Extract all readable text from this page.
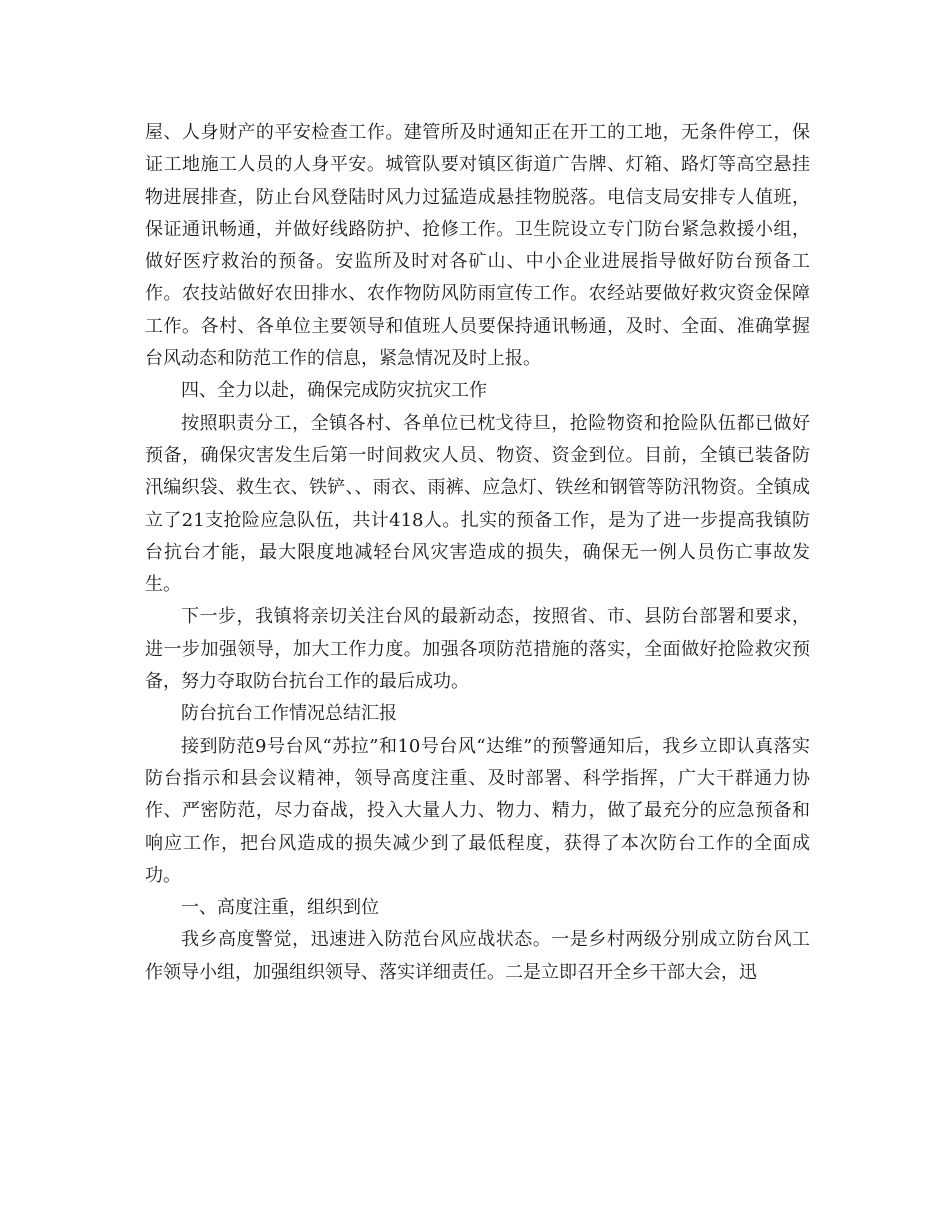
屋、人身财产的平安检查工作。建管所及时通知正在开工的工地，无条件停工，保证工地施工人员的人身平安。城管队要对镇区街道广告牌、灯箱、路灯等高空悬挂物进展排查，防止台风登陆时风力过猛造成悬挂物脱落。电信支局安排专人值班，保证通讯畅通，并做好线路防护、抢修工作。卫生院设立专门防台紧急救援小组，做好医疗救治的预备。安监所及时对各矿山、中小企业进展指导做好防台预备工作。农技站做好农田排水、农作物防风防雨宣传工作。农经站要做好救灾资金保障工作。各村、各单位主要领导和值班人员要保持通讯畅通，及时、全面、准确掌握台风动态和防范工作的信息，紧急情况及时上报。

四、全力以赴，确保完成防灾抗灾工作

按照职责分工，全镇各村、各单位已枕戈待旦，抢险物资和抢险队伍都已做好预备，确保灾害发生后第一时间救灾人员、物资、资金到位。目前，全镇已装备防汛编织袋、救生衣、铁铲、、雨衣、雨裤、应急灯、铁丝和钢管等防汛物资。全镇成立了21支抢险应急队伍，共计418人。扎实的预备工作，是为了进一步提高我镇防台抗台才能，最大限度地减轻台风灾害造成的损失，确保无一例人员伤亡事故发生。

下一步，我镇将亲切关注台风的最新动态，按照省、市、县防台部署和要求，进一步加强领导，加大工作力度。加强各项防范措施的落实，全面做好抢险救灾预备，努力夺取防台抗台工作的最后成功。

防台抗台工作情况总结汇报

接到防范9号台风“苏拉”和10号台风“达维”的预警通知后，我乡立即认真落实防台指示和县会议精神，领导高度注重、及时部署、科学指挥，广大干群通力协作、严密防范，尽力奋战，投入大量人力、物力、精力，做了最充分的应急预备和响应工作，把台风造成的损失减少到了最低程度，获得了本次防台工作的全面成功。

一、高度注重，组织到位

我乡高度警觉，迅速进入防范台风应战状态。一是乡村两级分别成立防台风工作领导小组，加强组织领导、落实详细责任。二是立即召开全乡干部大会，迅
